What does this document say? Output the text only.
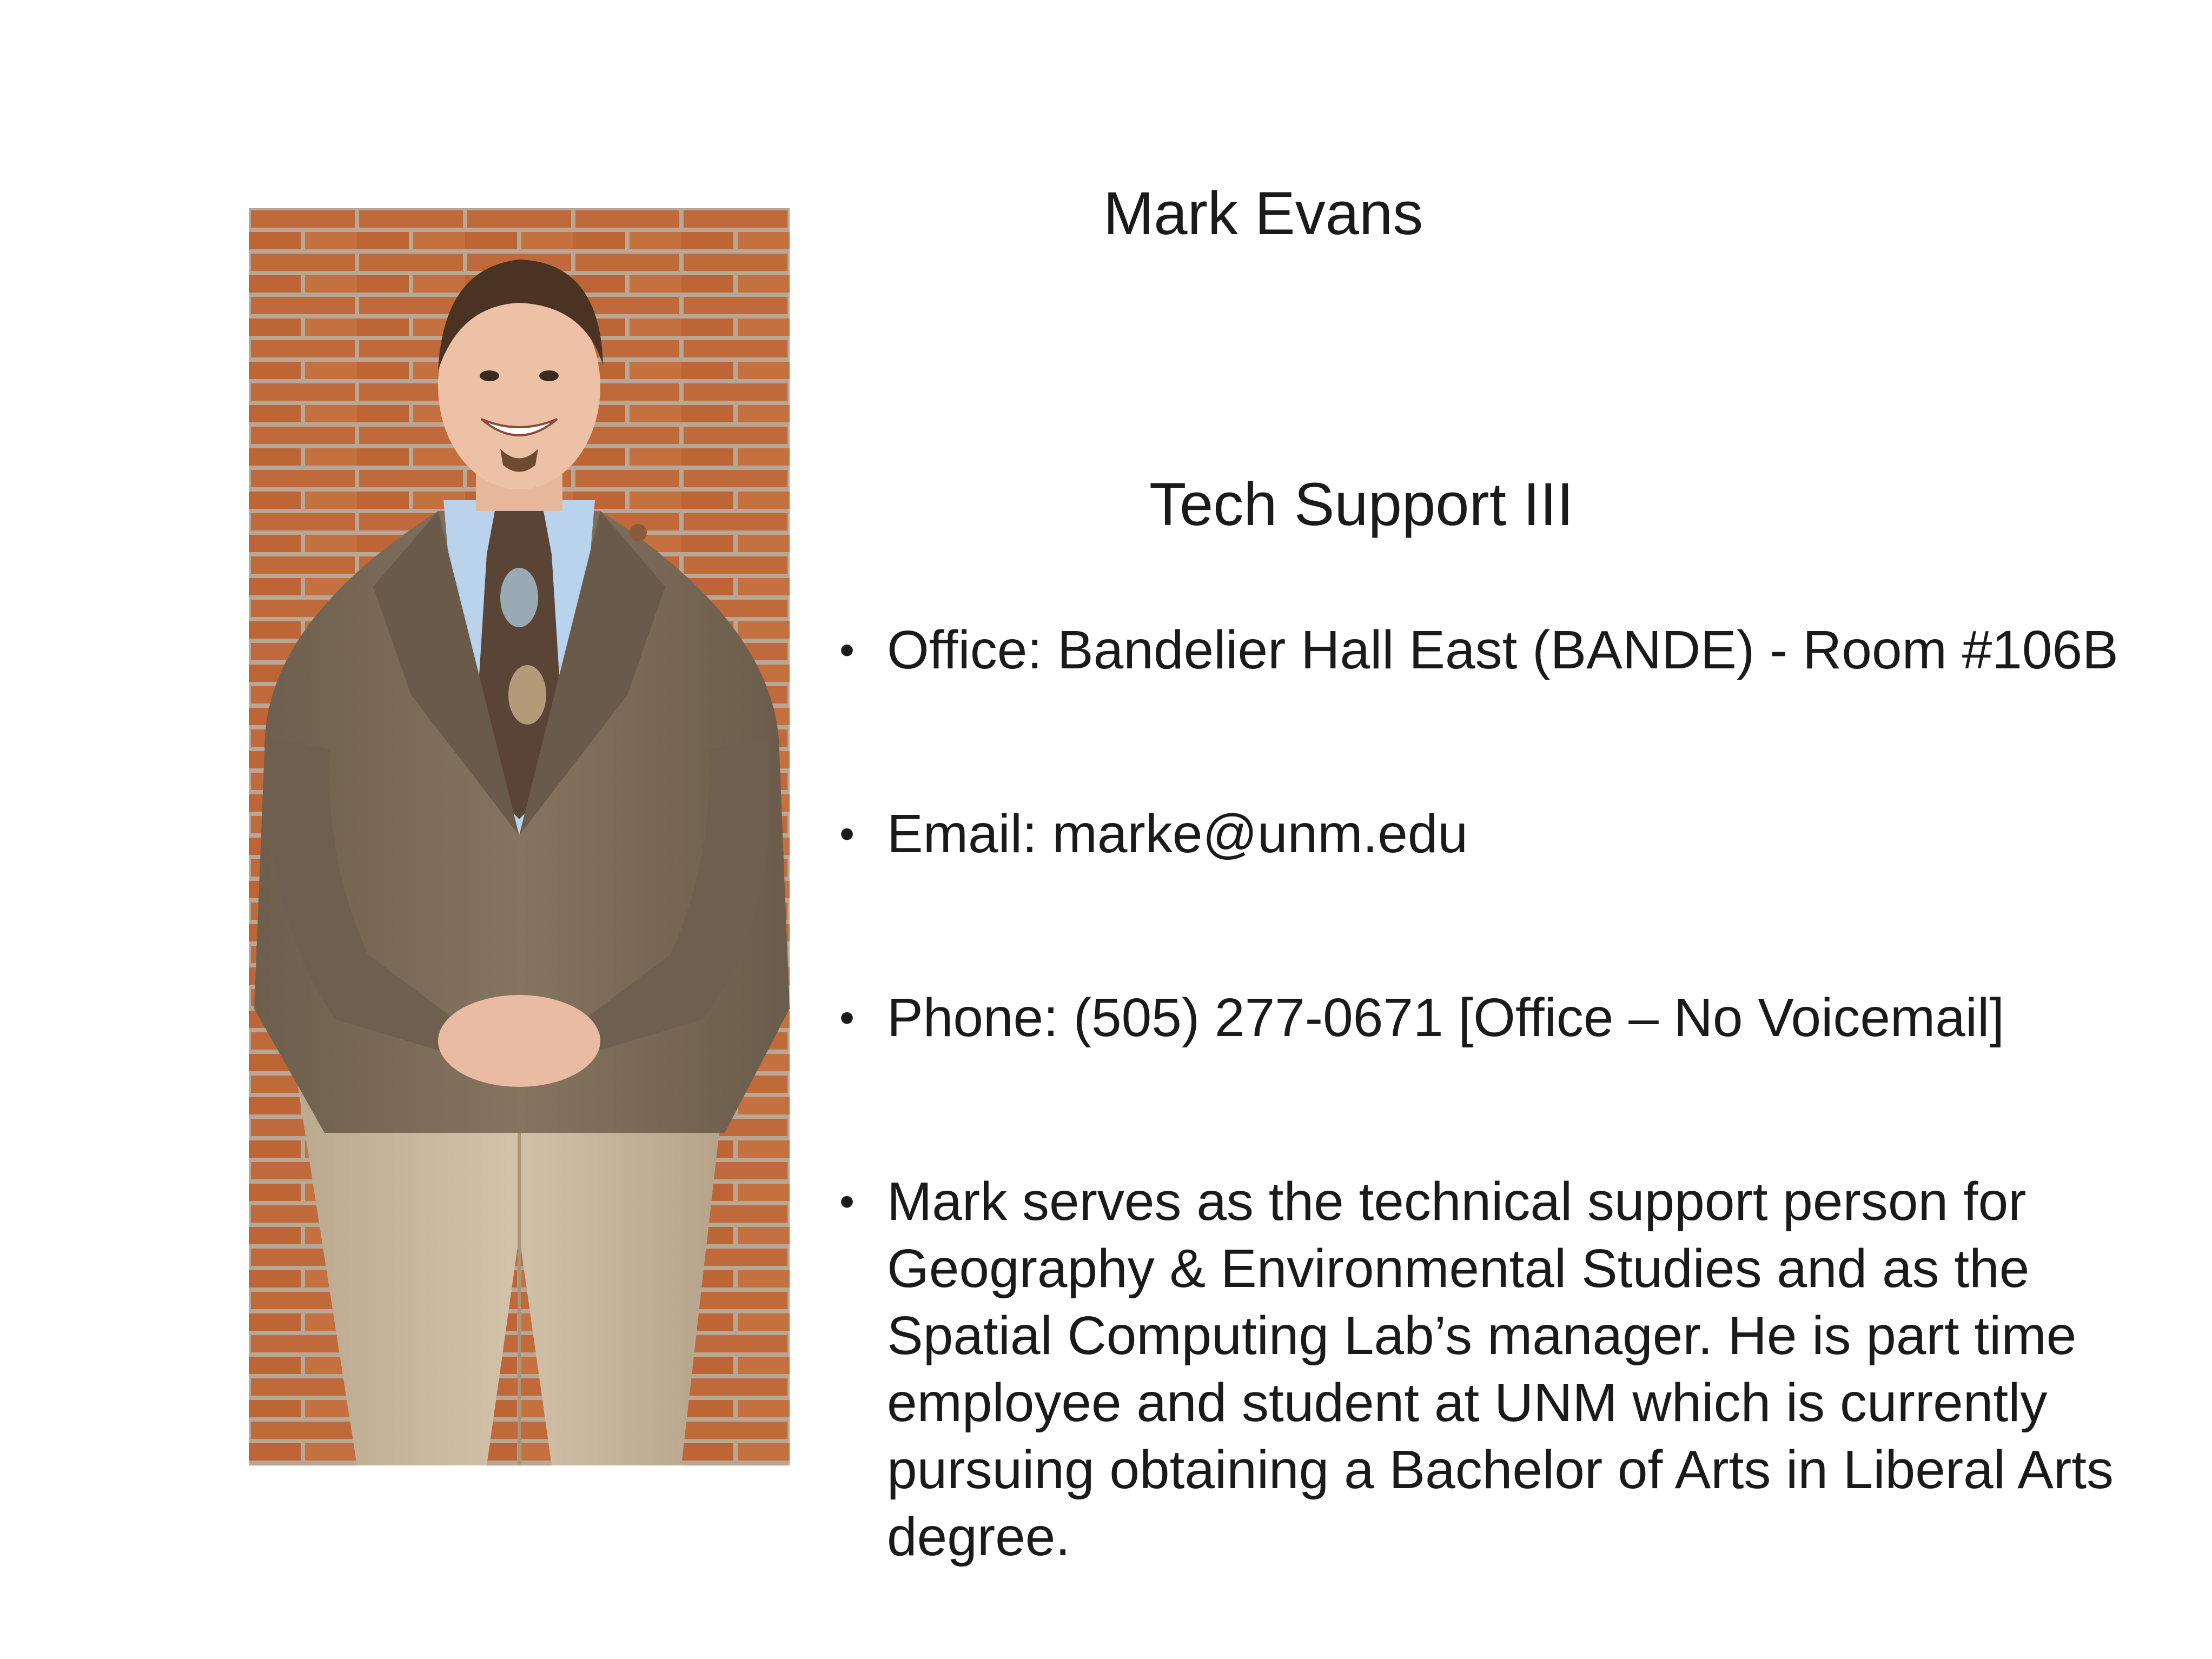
Mark Evans
Tech Support III
• Office: Bandelier Hall East (BANDE) - Room #106B
• Email: marke@unm.edu
• Phone: (505) 277-0671 [Office – No Voicemail]
• Mark serves as the technical support person for Geography & Environmental Studies and as the Spatial Computing Lab’s manager. He is part time employee and student at UNM which is currently pursuing obtaining a Bachelor of Arts in Liberal Arts degree.
